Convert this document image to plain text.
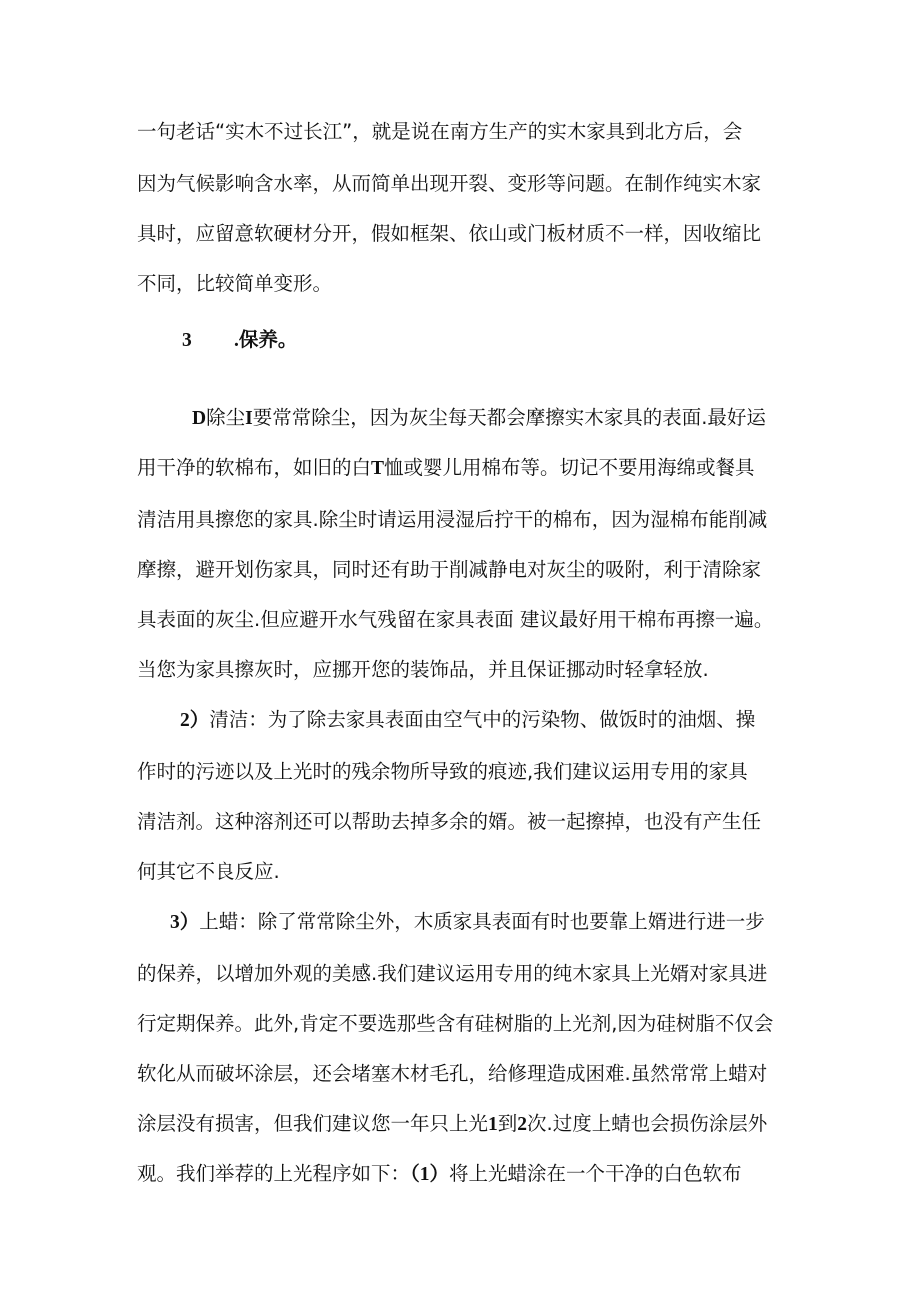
一句老话“实木不过长江”，就是说在南方生产的实木家具到北方后，会
因为气候影响含水率，从而简单出现开裂、变形等问题。在制作纯实木家
具时，应留意软硬材分开，假如框架、依山或门板材质不一样，因收缩比
不同，比较简单变形。
3 .保养。
D除尘I要常常除尘，因为灰尘每天都会摩擦实木家具的表面.最好运
用干净的软棉布，如旧的白T恤或婴儿用棉布等。切记不要用海绵或餐具
清洁用具擦您的家具.除尘时请运用浸湿后拧干的棉布，因为湿棉布能削减
摩擦，避开划伤家具，同时还有助于削减静电对灰尘的吸附，利于清除家
具表面的灰尘.但应避开水气残留在家具表面 建议最好用干棉布再擦一遍。
当您为家具擦灰时，应挪开您的装饰品，并且保证挪动时轻拿轻放.
2）清洁：为了除去家具表面由空气中的污染物、做饭时的油烟、操
作时的污迹以及上光时的残余物所导致的痕迹,我们建议运用专用的家具
清洁剂。这种溶剂还可以帮助去掉多余的婿。被一起擦掉，也没有产生任
何其它不良反应.
3）上蜡：除了常常除尘外，木质家具表面有时也要靠上婿进行进一步
的保养，以增加外观的美感.我们建议运用专用的纯木家具上光婿对家具进
行定期保养。此外,肯定不要选那些含有硅树脂的上光剂,因为硅树脂不仅会
软化从而破坏涂层，还会堵塞木材毛孔，给修理造成困难.虽然常常上蜡对
涂层没有损害，但我们建议您一年只上光1到2次.过度上蜻也会损伤涂层外
观。我们举荐的上光程序如下：（1）将上光蜡涂在一个干净的白色软布
